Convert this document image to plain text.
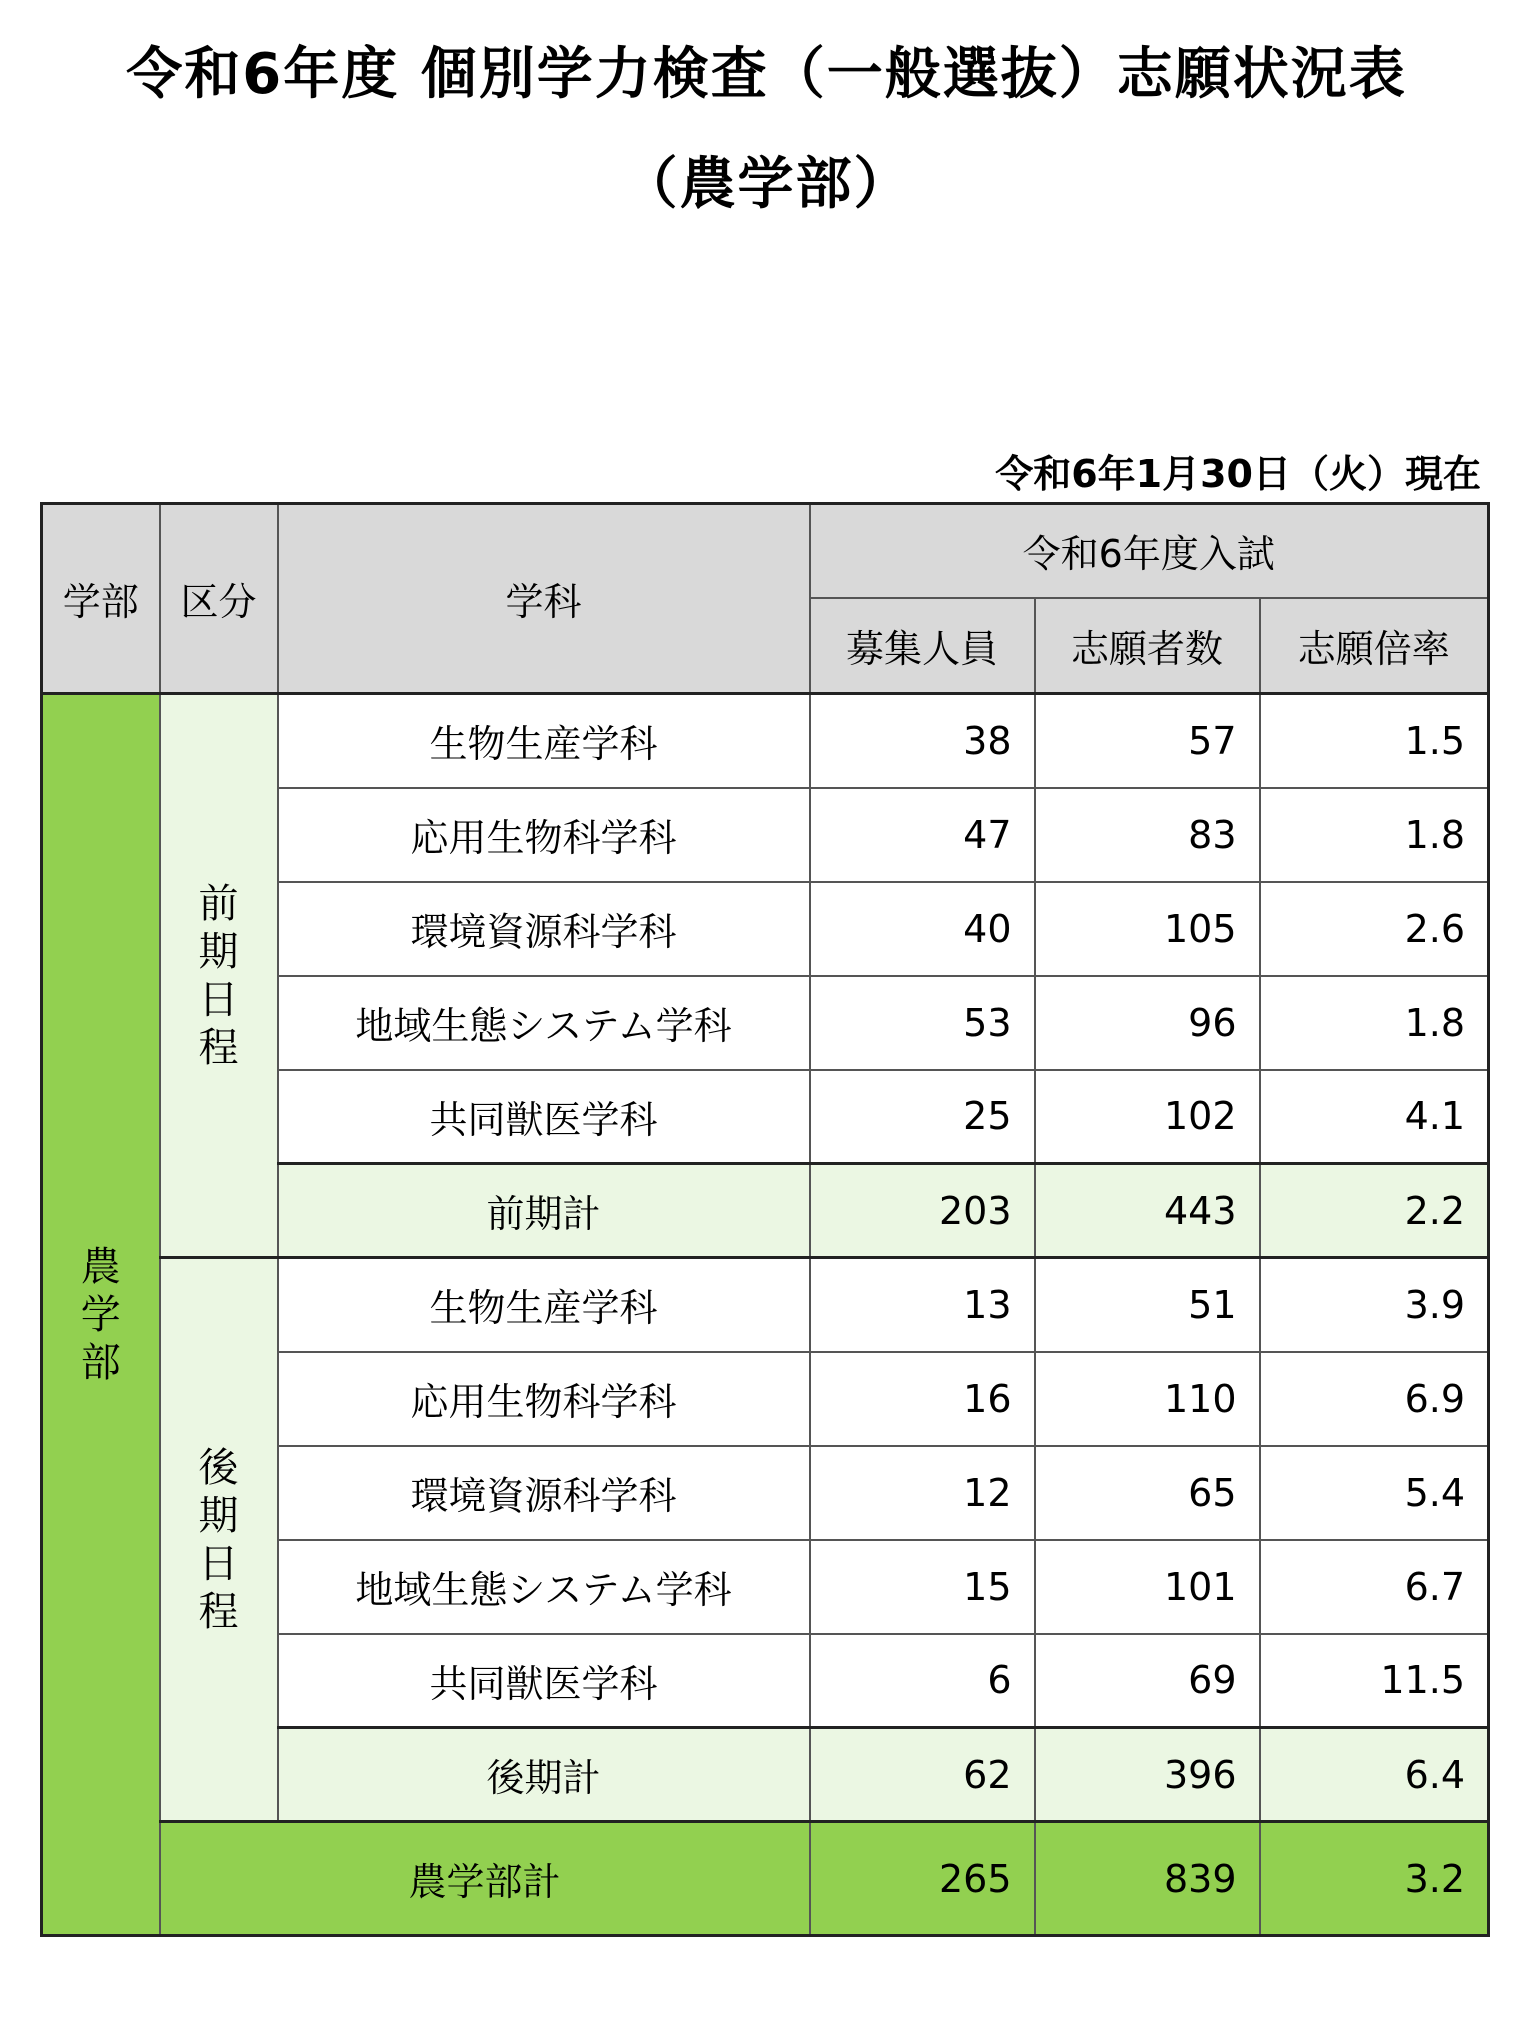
令和6年度 個別学力検査（一般選抜）志願状況表
（農学部）
令和6年1月30日（火）現在
学部	区分	学科	令和6年度入試		
			募集人員	志願者数	志願倍率
農学部	前期日程	生物生産学科	38	57	1.5
		応用生物科学科	47	83	1.8
		環境資源科学科	40	105	2.6
		地域生態システム学科	53	96	1.8
		共同獣医学科	25	102	4.1
		前期計	203	443	2.2
	後期日程	生物生産学科	13	51	3.9
		応用生物科学科	16	110	6.9
		環境資源科学科	12	65	5.4
		地域生態システム学科	15	101	6.7
		共同獣医学科	6	69	11.5
		後期計	62	396	6.4
	農学部計		265	839	3.2
